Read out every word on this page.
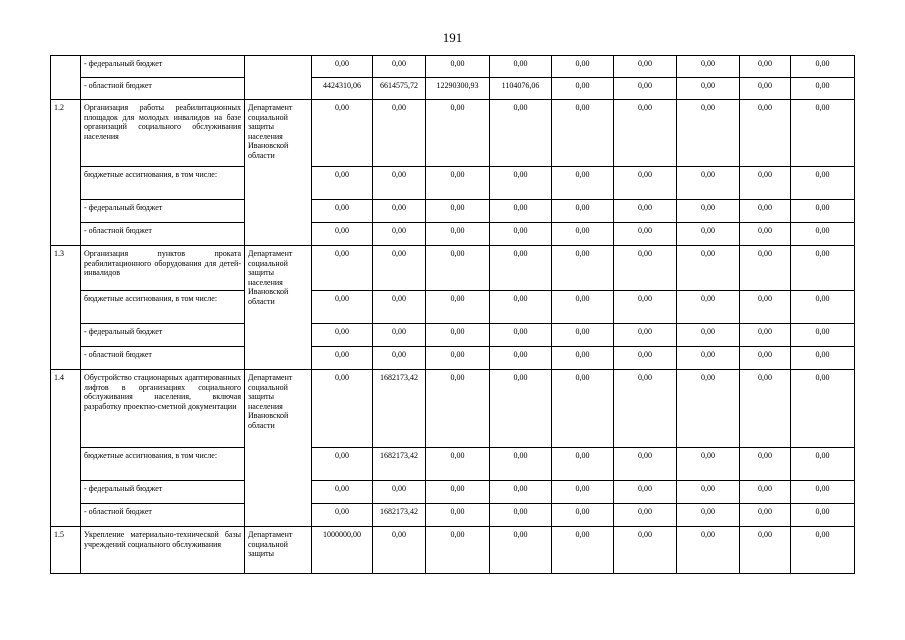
191
	- федеральный бюджет		0,00	0,00	0,00	0,00	0,00	0,00	0,00	0,00	0,00
	- областной бюджет		4424310,06	6614575,72	12290300,93	1104076,06	0,00	0,00	0,00	0,00	0,00
1.2	Организация работы реабилитационных площадок для молодых инвалидов на базе организаций социального обслуживания населения	Департамент социальной защиты населения Ивановской области	0,00	0,00	0,00	0,00	0,00	0,00	0,00	0,00	0,00
	бюджетные ассигнования, в том числе:		0,00	0,00	0,00	0,00	0,00	0,00	0,00	0,00	0,00
	- федеральный бюджет		0,00	0,00	0,00	0,00	0,00	0,00	0,00	0,00	0,00
	- областной бюджет		0,00	0,00	0,00	0,00	0,00	0,00	0,00	0,00	0,00
1.3	Организация пунктов проката реабилитационного оборудования для детей-инвалидов	Департамент социальной защиты населения Ивановской области	0,00	0,00	0,00	0,00	0,00	0,00	0,00	0,00	0,00
	бюджетные ассигнования, в том числе:		0,00	0,00	0,00	0,00	0,00	0,00	0,00	0,00	0,00
	- федеральный бюджет		0,00	0,00	0,00	0,00	0,00	0,00	0,00	0,00	0,00
	- областной бюджет		0,00	0,00	0,00	0,00	0,00	0,00	0,00	0,00	0,00
1.4	Обустройство стационарных адаптированных лифтов в организациях социального обслуживания населения, включая разработку проектно-сметной документации	Департамент социальной защиты населения Ивановской области	0,00	1682173,42	0,00	0,00	0,00	0,00	0,00	0,00	0,00
	бюджетные ассигнования, в том числе:		0,00	1682173,42	0,00	0,00	0,00	0,00	0,00	0,00	0,00
	- федеральный бюджет		0,00	0,00	0,00	0,00	0,00	0,00	0,00	0,00	0,00
	- областной бюджет		0,00	1682173,42	0,00	0,00	0,00	0,00	0,00	0,00	0,00
1.5	Укрепление материально-технической базы учреждений социального обслуживания	Департамент социальной защиты	1000000,00	0,00	0,00	0,00	0,00	0,00	0,00	0,00	0,00
